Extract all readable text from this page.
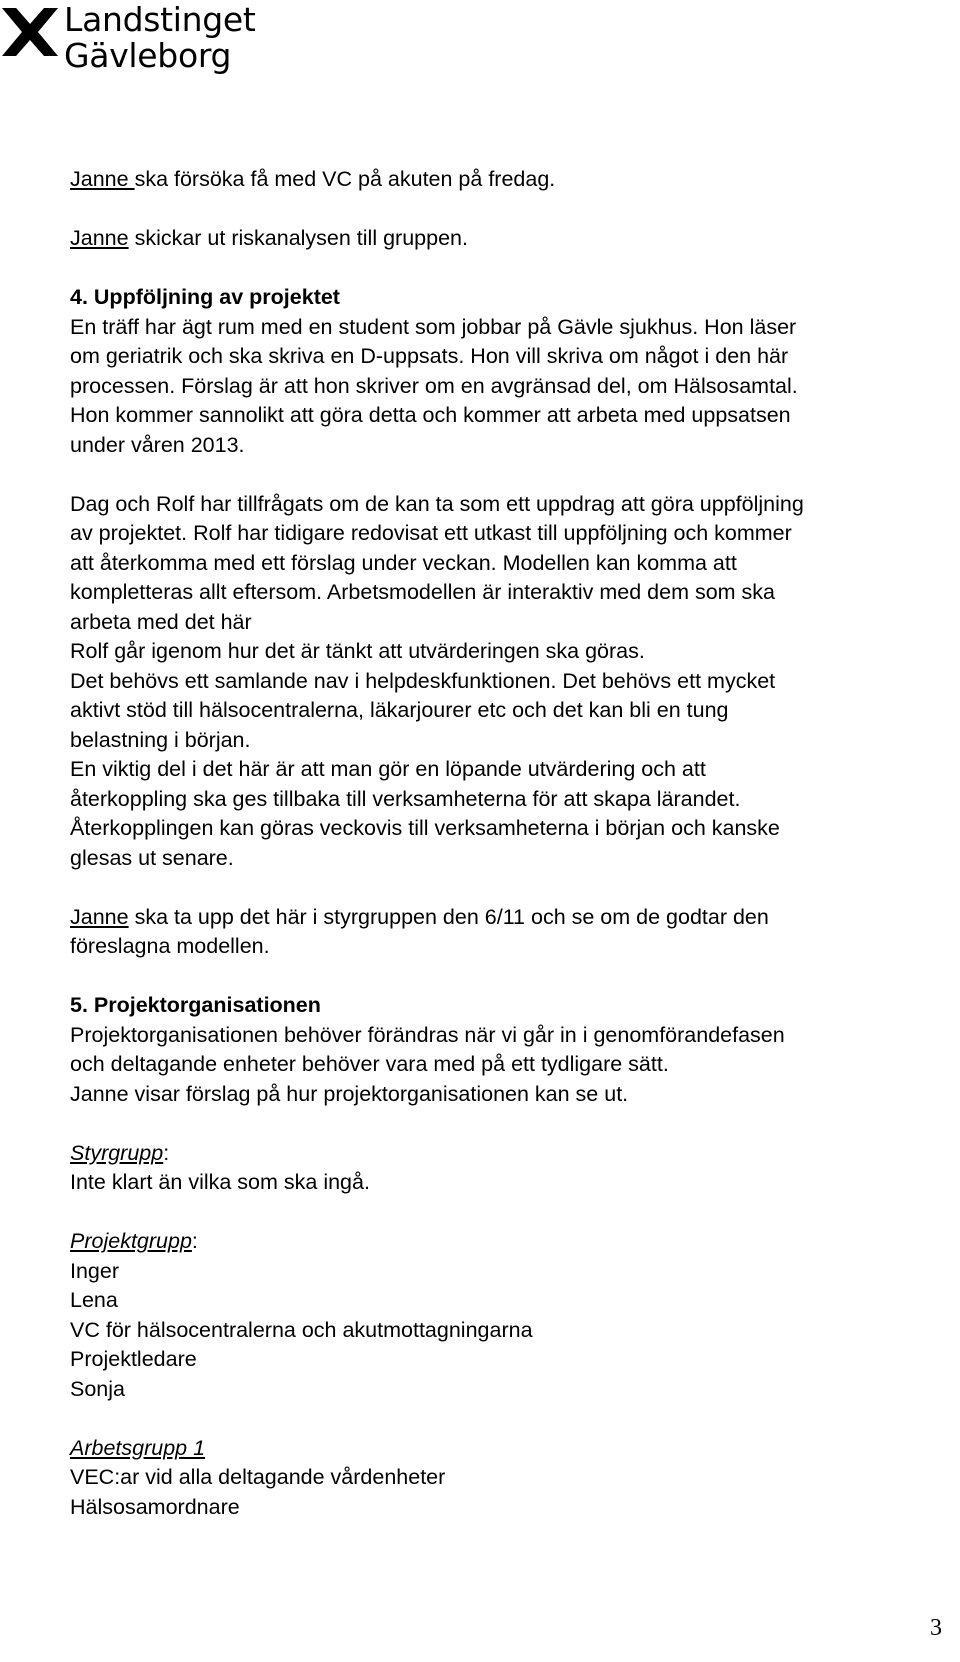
Landstinget
Gävleborg

Janne ska försöka få med VC på akuten på fredag.

Janne skickar ut riskanalysen till gruppen.

4. Uppföljning av projektet

En träff har ägt rum med en student som jobbar på Gävle sjukhus. Hon läser

om geriatrik och ska skriva en D-uppsats. Hon vill skriva om något i den här

processen. Förslag är att hon skriver om en avgränsad del, om Hälsosamtal.

Hon kommer sannolikt att göra detta och kommer att arbeta med uppsatsen

under våren 2013.

Dag och Rolf har tillfrågats om de kan ta som ett uppdrag att göra uppföljning

av projektet. Rolf har tidigare redovisat ett utkast till uppföljning och kommer

att återkomma med ett förslag under veckan. Modellen kan komma att

kompletteras allt eftersom. Arbetsmodellen är interaktiv med dem som ska

arbeta med det här

Rolf går igenom hur det är tänkt att utvärderingen ska göras.

Det behövs ett samlande nav i helpdeskfunktionen. Det behövs ett mycket

aktivt stöd till hälsocentralerna, läkarjourer etc och det kan bli en tung

belastning i början.

En viktig del i det här är att man gör en löpande utvärdering och att

återkoppling ska ges tillbaka till verksamheterna för att skapa lärandet.

Återkopplingen kan göras veckovis till verksamheterna i början och kanske

glesas ut senare.

Janne ska ta upp det här i styrgruppen den 6/11 och se om de godtar den

föreslagna modellen.

5. Projektorganisationen

Projektorganisationen behöver förändras när vi går in i genomförandefasen

och deltagande enheter behöver vara med på ett tydligare sätt.

Janne visar förslag på hur projektorganisationen kan se ut.

Styrgrupp:

Inte klart än vilka som ska ingå.

Projektgrupp:

Inger

Lena

VC för hälsocentralerna och akutmottagningarna

Projektledare

Sonja

Arbetsgrupp 1

VEC:ar vid alla deltagande vårdenheter

Hälsosamordnare

3
